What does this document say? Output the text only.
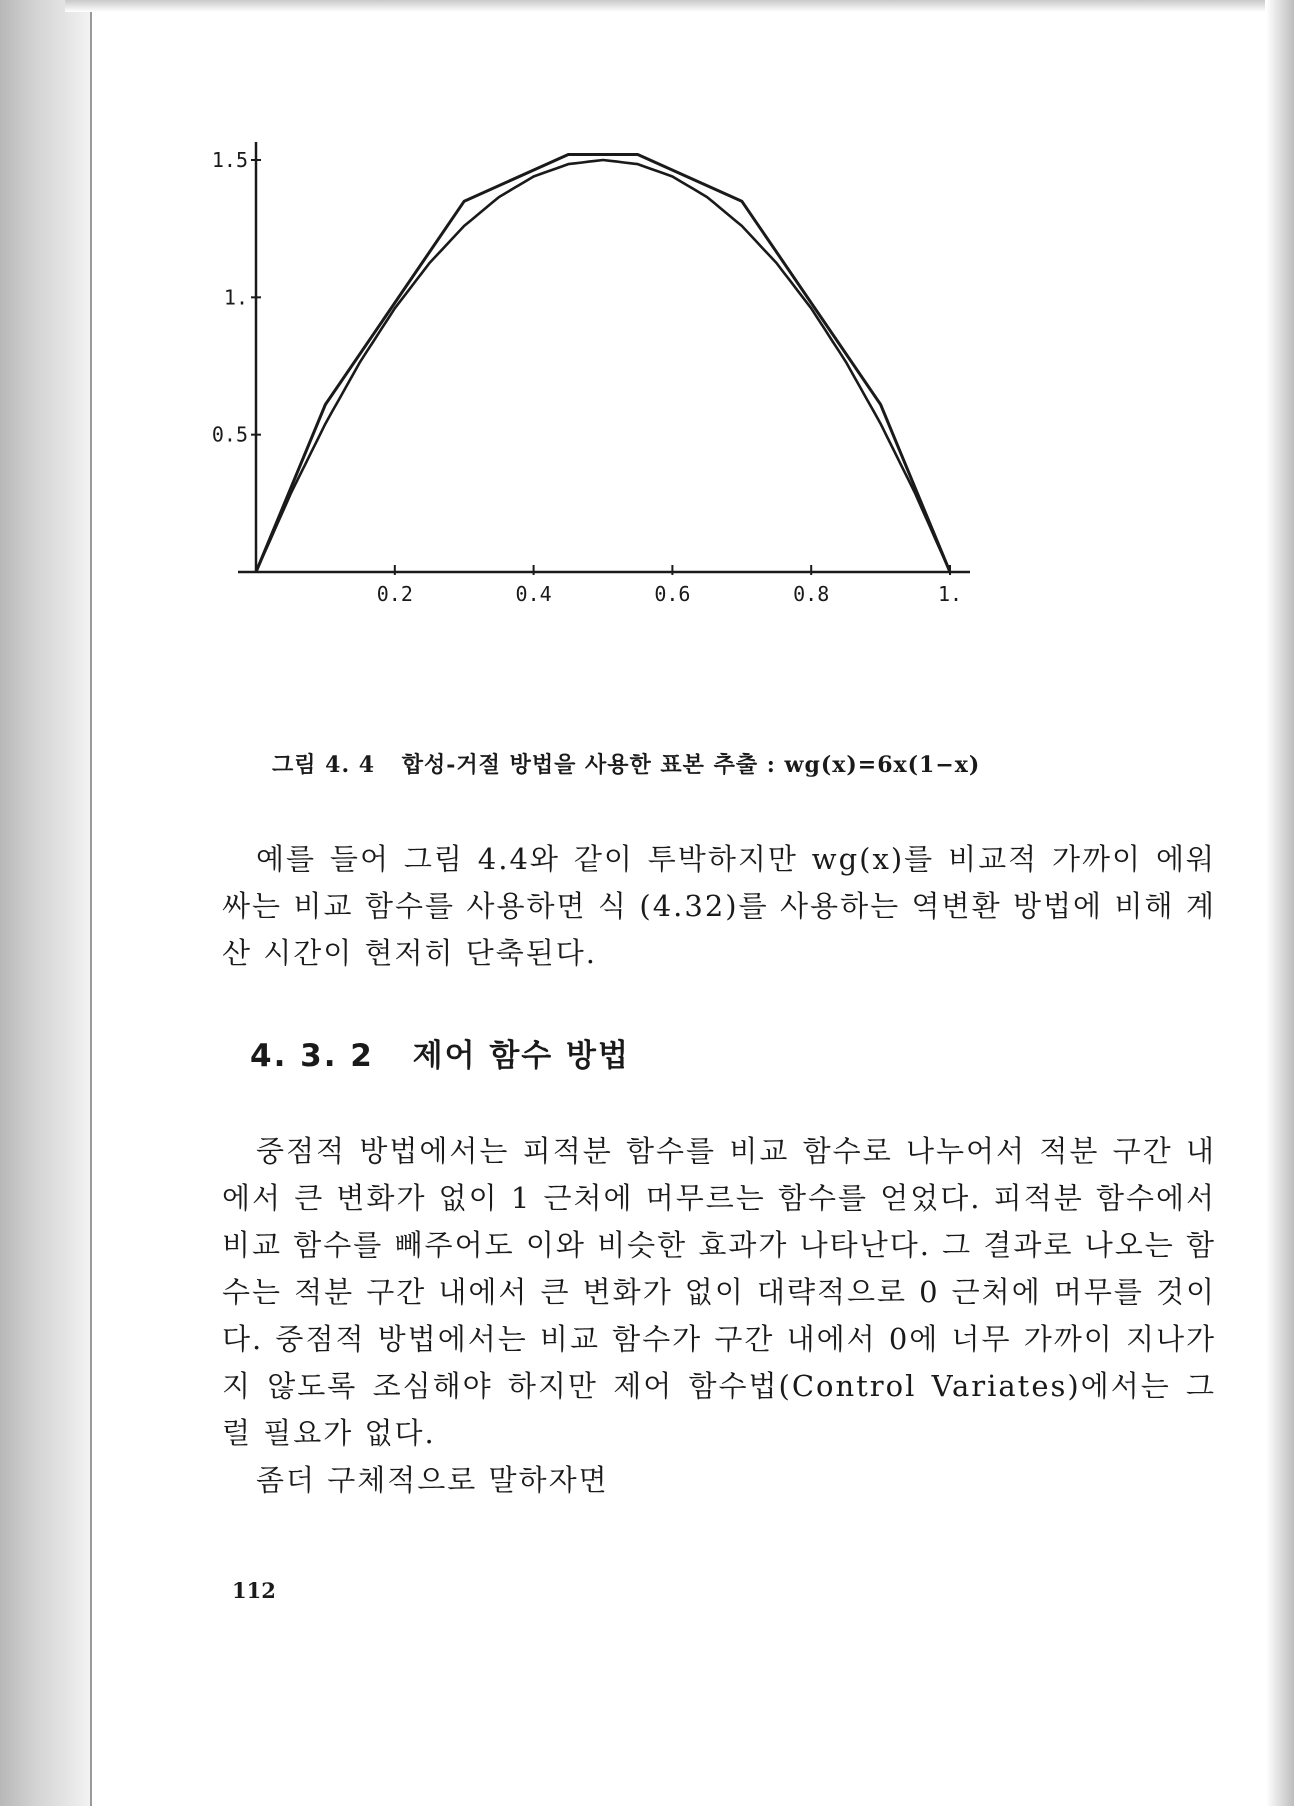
0.2	0.4	0.6	0.8	1.
0.5
1.
1.5
그림 4. 4 합성-거절 방법을 사용한 표본 추출 : wg(x)=6x(1−x)
예를 들어 그림 4.4와 같이 투박하지만 wg(x)를 비교적 가까이 에워싸는 비교 함수를 사용하면 식 (4.32)를 사용하는 역변환 방법에 비해 계산 시간이 현저히 단축된다.
4. 3. 2 제어 함수 방법
중점적 방법에서는 피적분 함수를 비교 함수로 나누어서 적분 구간 내에서 큰 변화가 없이 1 근처에 머무르는 함수를 얻었다. 피적분 함수에서 비교 함수를 빼주어도 이와 비슷한 효과가 나타난다. 그 결과로 나오는 함수는 적분 구간 내에서 큰 변화가 없이 대략적으로 0 근처에 머무를 것이다. 중점적 방법에서는 비교 함수가 구간 내에서 0에 너무 가까이 지나가지 않도록 조심해야 하지만 제어 함수법(Control Variates)에서는 그럴 필요가 없다.
좀더 구체적으로 말하자면
112
